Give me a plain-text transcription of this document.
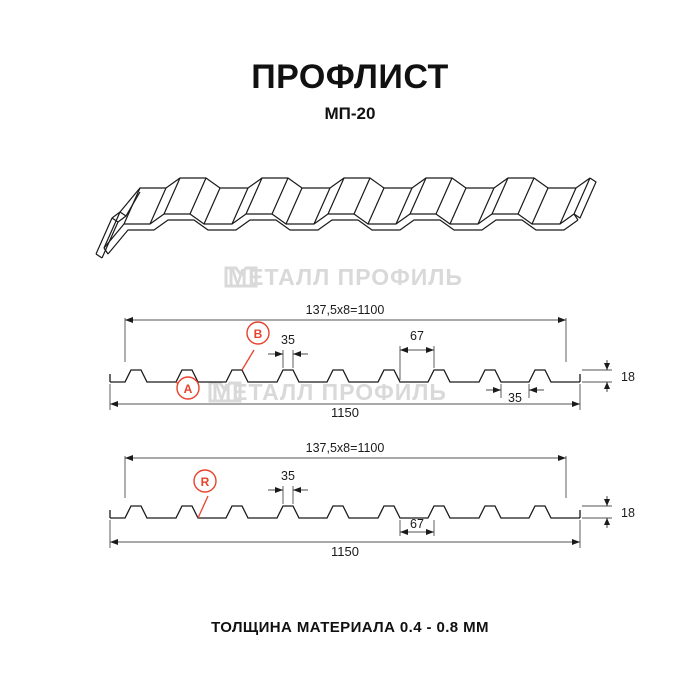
ПРОФЛИСТ
МП-20
МЕТАЛЛ ПРОФИЛЬ
МЕТАЛЛ ПРОФИЛЬ
A
B
137,5х8=1100
1150
18
35	67
35
R
137,5х8=1100
1150
18
35
67
ТОЛЩИНА МАТЕРИАЛА 0.4 - 0.8 ММ
